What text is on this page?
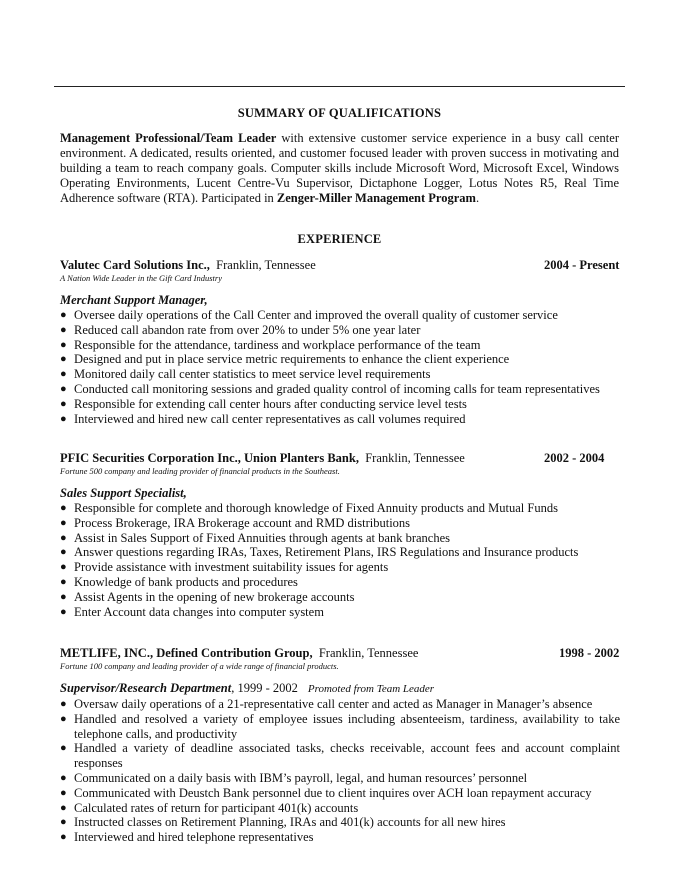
SUMMARY OF QUALIFICATIONS
Management Professional/Team Leader with extensive customer service experience in a busy call center environment. A dedicated, results oriented, and customer focused leader with proven success in motivating and building a team to reach company goals. Computer skills include Microsoft Word, Microsoft Excel, Windows Operating Environments, Lucent Centre-Vu Supervisor, Dictaphone Logger, Lotus Notes R5, Real Time Adherence software (RTA). Participated in Zenger-Miller Management Program.
EXPERIENCE
Valutec Card Solutions Inc., Franklin, Tennessee	2004 - Present
A Nation Wide Leader in the Gift Card Industry
Merchant Support Manager,
● Oversee daily operations of the Call Center and improved the overall quality of customer service
● Reduced call abandon rate from over 20% to under 5% one year later
● Responsible for the attendance, tardiness and workplace performance of the team
● Designed and put in place service metric requirements to enhance the client experience
● Monitored daily call center statistics to meet service level requirements
● Conducted call monitoring sessions and graded quality control of incoming calls for team representatives
● Responsible for extending call center hours after conducting service level tests
● Interviewed and hired new call center representatives as call volumes required
PFIC Securities Corporation Inc., Union Planters Bank, Franklin, Tennessee	2002 - 2004
Fortune 500 company and leading provider of financial products in the Southeast.
Sales Support Specialist,
● Responsible for complete and thorough knowledge of Fixed Annuity products and Mutual Funds
● Process Brokerage, IRA Brokerage account and RMD distributions
● Assist in Sales Support of Fixed Annuities through agents at bank branches
● Answer questions regarding IRAs, Taxes, Retirement Plans, IRS Regulations and Insurance products
● Provide assistance with investment suitability issues for agents
● Knowledge of bank products and procedures
● Assist Agents in the opening of new brokerage accounts
● Enter Account data changes into computer system
METLIFE, INC., Defined Contribution Group, Franklin, Tennessee	1998 - 2002
Fortune 100 company and leading provider of a wide range of financial products.
Supervisor/Research Department, 1999 - 2002 Promoted from Team Leader
● Oversaw daily operations of a 21-representative call center and acted as Manager in Manager’s absence
● Handled and resolved a variety of employee issues including absenteeism, tardiness, availability to take telephone calls, and productivity
● Handled a variety of deadline associated tasks, checks receivable, account fees and account complaint responses
● Communicated on a daily basis with IBM’s payroll, legal, and human resources’ personnel
● Communicated with Deustch Bank personnel due to client inquires over ACH loan repayment accuracy
● Calculated rates of return for participant 401(k) accounts
● Instructed classes on Retirement Planning, IRAs and 401(k) accounts for all new hires
● Interviewed and hired telephone representatives
